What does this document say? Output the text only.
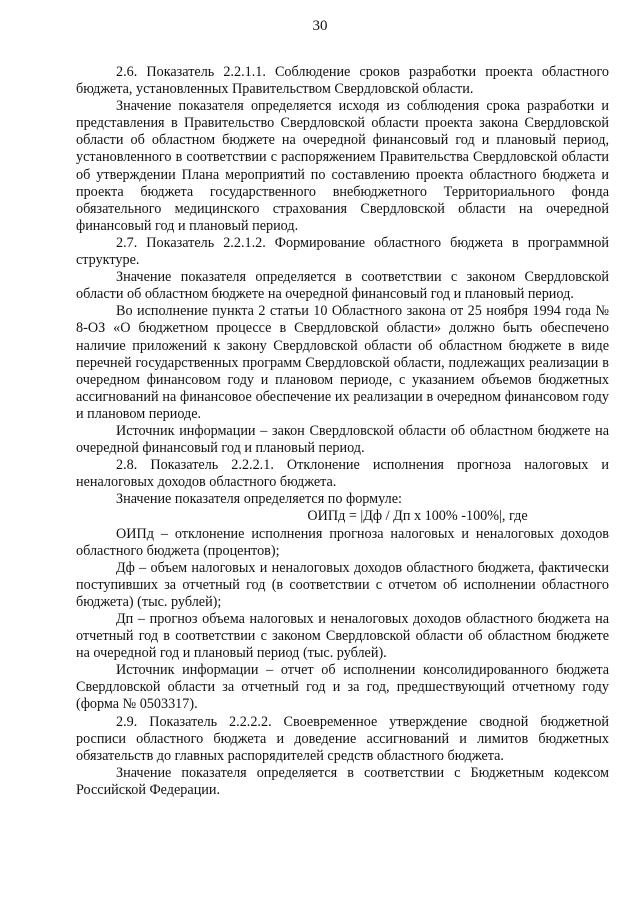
30

2.6. Показатель 2.2.1.1. Соблюдение сроков разработки проекта областного бюджета, установленных Правительством Свердловской области.

Значение показателя определяется исходя из соблюдения срока разработки и представления в Правительство Свердловской области проекта закона Свердловской области об областном бюджете на очередной финансовый год и плановый период, установленного в соответствии с распоряжением Правительства Свердловской области об утверждении Плана мероприятий по составлению проекта областного бюджета и проекта бюджета государственного внебюджетного Территориального фонда обязательного медицинского страхования Свердловской области на очередной финансовый год и плановый период.

2.7. Показатель 2.2.1.2. Формирование областного бюджета в программной структуре.

Значение показателя определяется в соответствии с законом Свердловской области об областном бюджете на очередной финансовый год и плановый период.

Во исполнение пункта 2 статьи 10 Областного закона от 25 ноября 1994 года № 8-ОЗ «О бюджетном процессе в Свердловской области» должно быть обеспечено наличие приложений к закону Свердловской области об областном бюджете в виде перечней государственных программ Свердловской области, подлежащих реализации в очередном финансовом году и плановом периоде, с указанием объемов бюджетных ассигнований на финансовое обеспечение их реализации в очередном финансовом году и плановом периоде.

Источник информации – закон Свердловской области об областном бюджете на очередной финансовый год и плановый период.

2.8. Показатель 2.2.2.1. Отклонение исполнения прогноза налоговых и неналоговых доходов областного бюджета.

Значение показателя определяется по формуле:

ОИПд = |Дф / Дп x 100% -100%|, где

ОИПд – отклонение исполнения прогноза налоговых и неналоговых доходов областного бюджета (процентов);

Дф – объем налоговых и неналоговых доходов областного бюджета, фактически поступивших за отчетный год (в соответствии с отчетом об исполнении областного бюджета) (тыс. рублей);

Дп – прогноз объема налоговых и неналоговых доходов областного бюджета на отчетный год в соответствии с законом Свердловской области об областном бюджете на очередной год и плановый период (тыс. рублей).

Источник информации – отчет об исполнении консолидированного бюджета Свердловской области за отчетный год и за год, предшествующий отчетному году (форма № 0503317).

2.9. Показатель 2.2.2.2. Своевременное утверждение сводной бюджетной росписи областного бюджета и доведение ассигнований и лимитов бюджетных обязательств до главных распорядителей средств областного бюджета.

Значение показателя определяется в соответствии с Бюджетным кодексом Российской Федерации.
